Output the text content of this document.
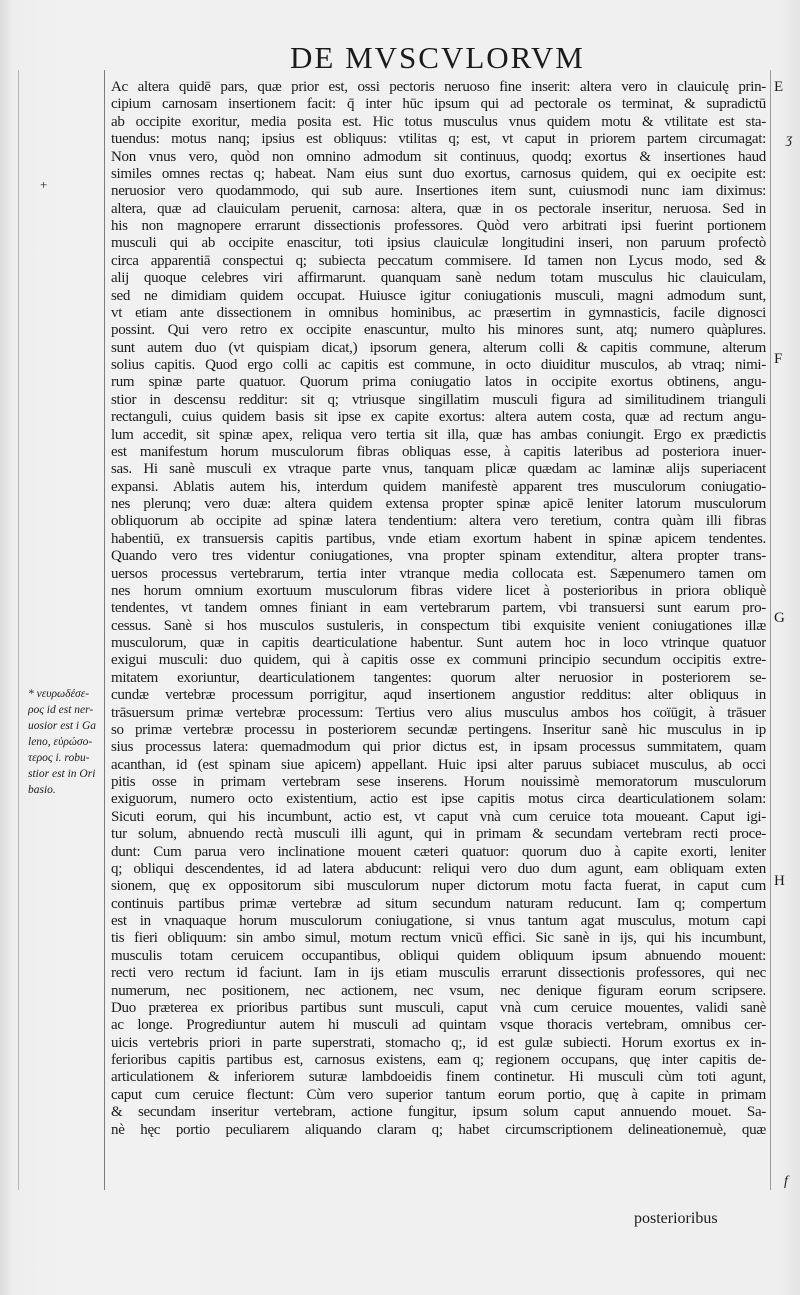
DE MVSCVLORVM
+
ʒ
f
Ac altera quidē pars, quæ prior est, ossi pectoris neruoso fine inserit: altera vero in clauiculę prin-
cipium carnosam insertionem facit: q̄ inter hūc ipsum qui ad pectorale os terminat, & supradictū
ab occipite exoritur, media posita est. Hic totus musculus vnus quidem motu & vtilitate est sta-
tuendus: motus nanq; ipsius est obliquus: vtilitas q; est, vt caput in priorem partem circumagat:
Non vnus vero, quòd non omnino admodum sit continuus, quodq; exortus & insertiones haud
similes omnes rectas q; habeat. Nam eius sunt duo exortus, carnosus quidem, qui ex oecipite est:
neruosior vero quodammodo, qui sub aure. Insertiones item sunt, cuiusmodi nunc iam diximus:
altera, quæ ad clauiculam peruenit, carnosa: altera, quæ in os pectorale inseritur, neruosa. Sed in
his non magnopere errarunt dissectionis professores. Quòd vero arbitrati ipsi fuerint portionem
musculi qui ab occipite enascitur, toti ipsius clauiculæ longitudini inseri, non paruum profectò
circa apparentiā conspectui q; subiecta peccatum commisere. Id tamen non Lycus modo, sed &
alij quoque celebres viri affirmarunt. quanquam sanè nedum totam musculus hic clauiculam,
sed ne dimidiam quidem occupat. Huiusce igitur coniugationis musculi, magni admodum sunt,
vt etiam ante dissectionem in omnibus hominibus, ac præsertim in gymnasticis, facile dignosci
possint. Qui vero retro ex occipite enascuntur, multo his minores sunt, atq; numero quàplures.
sunt autem duo (vt quispiam dicat,) ipsorum genera, alterum colli & capitis commune, alterum
solius capitis. Quod ergo colli ac capitis est commune, in octo diuiditur musculos, ab vtraq; nimi-
rum spinæ parte quatuor. Quorum prima coniugatio latos in occipite exortus obtinens, angu-
stior in descensu redditur: sit q; vtriusque singillatim musculi figura ad similitudinem trianguli
rectanguli, cuius quidem basis sit ipse ex capite exortus: altera autem costa, quæ ad rectum angu-
lum accedit, sit spinæ apex, reliqua vero tertia sit illa, quæ has ambas coniungit. Ergo ex prædictis
est manifestum horum musculorum fibras obliquas esse, à capitis lateribus ad posteriora inuer-
sas. Hi sanè musculi ex vtraque parte vnus, tanquam plicæ quædam ac laminæ alijs superiacent
expansi. Ablatis autem his, interdum quidem manifestè apparent tres musculorum coniugatio-
nes plerunq; vero duæ: altera quidem extensa propter spinæ apicē leniter latorum musculorum
obliquorum ab occipite ad spinæ latera tendentium: altera vero teretium, contra quàm illi fibras
habentiū, ex transuersis capitis partibus, vnde etiam exortum habent in spinæ apicem tendentes.
Quando vero tres videntur coniugationes, vna propter spinam extenditur, altera propter trans-
uersos processus vertebrarum, tertia inter vtranque media collocata est. Sæpenumero tamen om
nes horum omnium exortuum musculorum fibras videre licet à posterioribus in priora obliquè
tendentes, vt tandem omnes finiant in eam vertebrarum partem, vbi transuersi sunt earum pro-
cessus. Sanè si hos musculos sustuleris, in conspectum tibi exquisite venient coniugationes illæ
musculorum, quæ in capitis dearticulatione habentur. Sunt autem hoc in loco vtrinque quatuor
exigui musculi: duo quidem, qui à capitis osse ex communi principio secundum occipitis extre-
mitatem exoriuntur, dearticulationem tangentes: quorum alter neruosior in posteriorem se-
cundæ vertebræ processum porrigitur, aqud insertionem angustior redditus: alter obliquus in
trāsuersum primæ vertebræ processum: Tertius vero alius musculus ambos hos coïūgit, à trāsuer
so primæ vertebræ processu in posteriorem secundæ pertingens. Inseritur sanè hic musculus in ip
sius processus latera: quemadmodum qui prior dictus est, in ipsam processus summitatem, quam
acanthan, id (est spinam siue apicem) appellant. Huic ipsi alter paruus subiacet musculus, ab occi
pitis osse in primam vertebram sese inserens. Horum nouissimè memoratorum musculorum
exiguorum, numero octo existentium, actio est ipse capitis motus circa dearticulationem solam:
Sicuti eorum, qui his incumbunt, actio est, vt caput vnà cum ceruice tota moueant. Caput igi-
tur solum, abnuendo rectà musculi illi agunt, qui in primam & secundam vertebram recti proce-
dunt: Cum parua vero inclinatione mouent cæteri quatuor: quorum duo à capite exorti, leniter
q; obliqui descendentes, id ad latera abducunt: reliqui vero duo dum agunt, eam obliquam exten
sionem, quę ex oppositorum sibi musculorum nuper dictorum motu facta fuerat, in caput cum
continuis partibus primæ vertebræ ad situm secundum naturam reducunt. Iam q; compertum
est in vnaquaque horum musculorum coniugatione, si vnus tantum agat musculus, motum capi
tis fieri obliquum: sin ambo simul, motum rectum vnicū effici. Sic sanè in ijs, qui his incumbunt,
musculis totam ceruicem occupantibus, obliqui quidem obliquum ipsum abnuendo mouent:
recti vero rectum id faciunt. Iam in ijs etiam musculis errarunt dissectionis professores, qui nec
numerum, nec positionem, nec actionem, nec vsum, nec denique figuram eorum scripsere.
Duo præterea ex prioribus partibus sunt musculi, caput vnà cum ceruice mouentes, validi sanè
ac longe. Progrediuntur autem hi musculi ad quintam vsque thoracis vertebram, omnibus cer-
uicis vertebris priori in parte superstrati, stomacho q;, id est gulæ subiecti. Horum exortus ex in-
ferioribus capitis partibus est, carnosus existens, eam q; regionem occupans, quę inter capitis de-
articulationem & inferiorem suturæ lambdoeidis finem continetur. Hi musculi cùm toti agunt,
caput cum ceruice flectunt: Cùm vero superior tantum eorum portio, quę à capite in primam
& secundam inseritur vertebram, actione fungitur, ipsum solum caput annuendo mouet. Sa-
nè hęc portio peculiarem aliquando claram q; habet circumscriptionem delineationemuè, quæ
posterioribus
E
F
G
H
* νευρωδέσε-
ρος id est ner-
uosior est i Ga
leno, εὐρώσο-
τερος i. robu-
stior est in Ori
basio.
